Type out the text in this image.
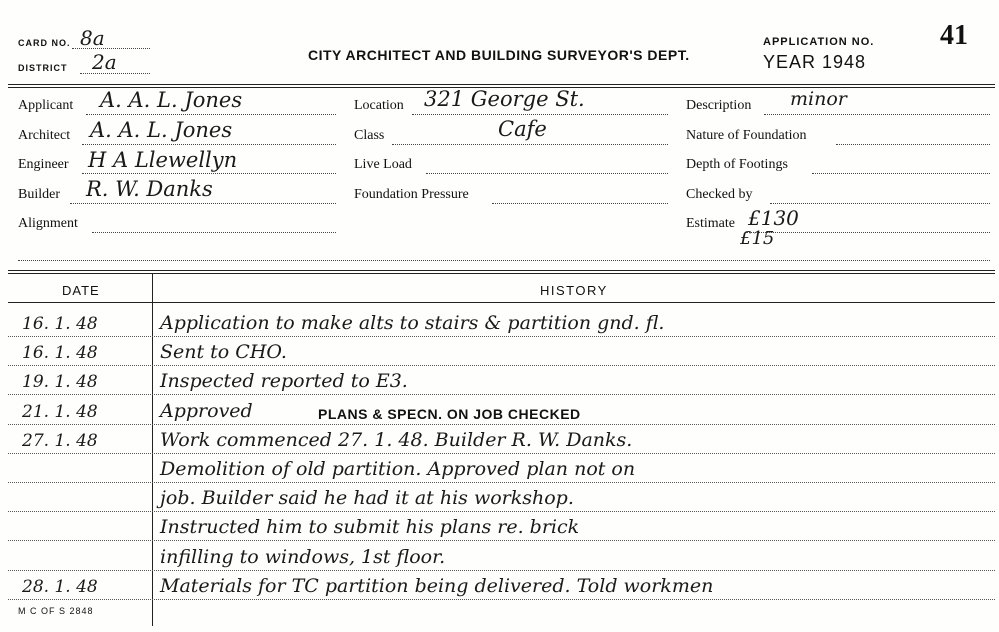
CARD NO. 8a
DISTRICT 2a	CITY ARCHITECT AND BUILDING SURVEYOR'S DEPT.
APPLICATION NO. 41
YEAR 1948
Applicant A. A. L. Jones
Architect A. A. L. Jones
Engineer H A Llewellyn
Builder R. W. Danks
Alignment
Location 321 George St.
Class	Cafe
Live Load
Foundation Pressure
Description minor
Nature of Foundation
Depth of Footings
Checked by
Estimate £130
£15
DATE	HISTORY
16. 1. 48	Application to make alts to stairs & partition gnd. fl.
16. 1. 48	Sent to CHO.
19. 1. 48	Inspected reported to E3.
21. 1. 48	Approved	PLANS & SPECN. ON JOB CHECKED
27. 1. 48	Work commenced 27. 1. 48. Builder R. W. Danks.
Demolition of old partition. Approved plan not on
job. Builder said he had it at his workshop.
Instructed him to submit his plans re. brick
infilling to windows, 1st floor.
28. 1. 48	Materials for TC partition being delivered. Told workmen
M C OF S 2848
